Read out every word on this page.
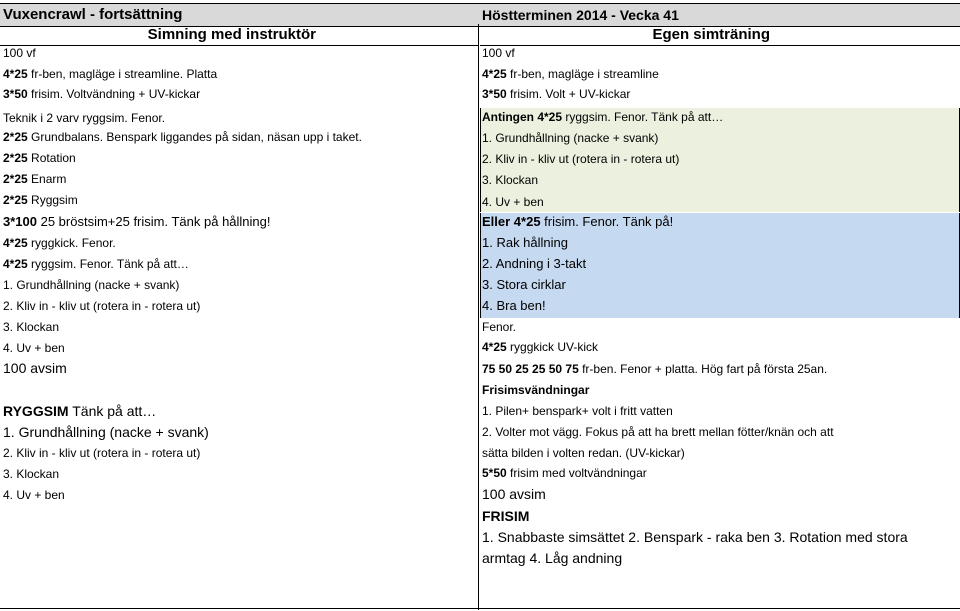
Vuxencrawl - fortsättning	Höstterminen 2014 - Vecka 41
Simning med instruktör	Egen simträning
100 vf
4*25 fr-ben, magläge i streamline. Platta
3*50 frisim. Voltvändning + UV-kickar
Teknik i 2 varv ryggsim. Fenor.
2*25 Grundbalans. Benspark liggandes på sidan, näsan upp i taket.
2*25 Rotation
2*25 Enarm
2*25 Ryggsim
3*100 25 bröstsim+25 frisim. Tänk på hållning!
4*25 ryggkick. Fenor.
4*25 ryggsim. Fenor. Tänk på att…
1. Grundhållning (nacke + svank)
2. Kliv in - kliv ut (rotera in - rotera ut)
3. Klockan
4. Uv + ben
100 avsim
RYGGSIM Tänk på att…
1. Grundhållning (nacke + svank)
2. Kliv in - kliv ut (rotera in - rotera ut)
3. Klockan
4. Uv + ben
100 vf
4*25 fr-ben, magläge i streamline
3*50 frisim. Volt + UV-kickar
Antingen 4*25 ryggsim. Fenor. Tänk på att…
1. Grundhållning (nacke + svank)
2. Kliv in - kliv ut (rotera in - rotera ut)
3. Klockan
4. Uv + ben
Eller 4*25 frisim. Fenor. Tänk på!
1. Rak hållning
2. Andning i 3-takt
3. Stora cirklar
4. Bra ben!
Fenor.
4*25 ryggkick UV-kick
75 50 25 25 50 75 fr-ben. Fenor + platta. Hög fart på första 25an.
Frisimsvändningar
1. Pilen+ benspark+ volt i fritt vatten
2. Volter mot vägg. Fokus på att ha brett mellan fötter/knän och att
sätta bilden i volten redan. (UV-kickar)
5*50 frisim med voltvändningar
100 avsim
FRISIM
1. Snabbaste simsättet 2. Benspark - raka ben 3. Rotation med stora
armtag 4. Låg andning
